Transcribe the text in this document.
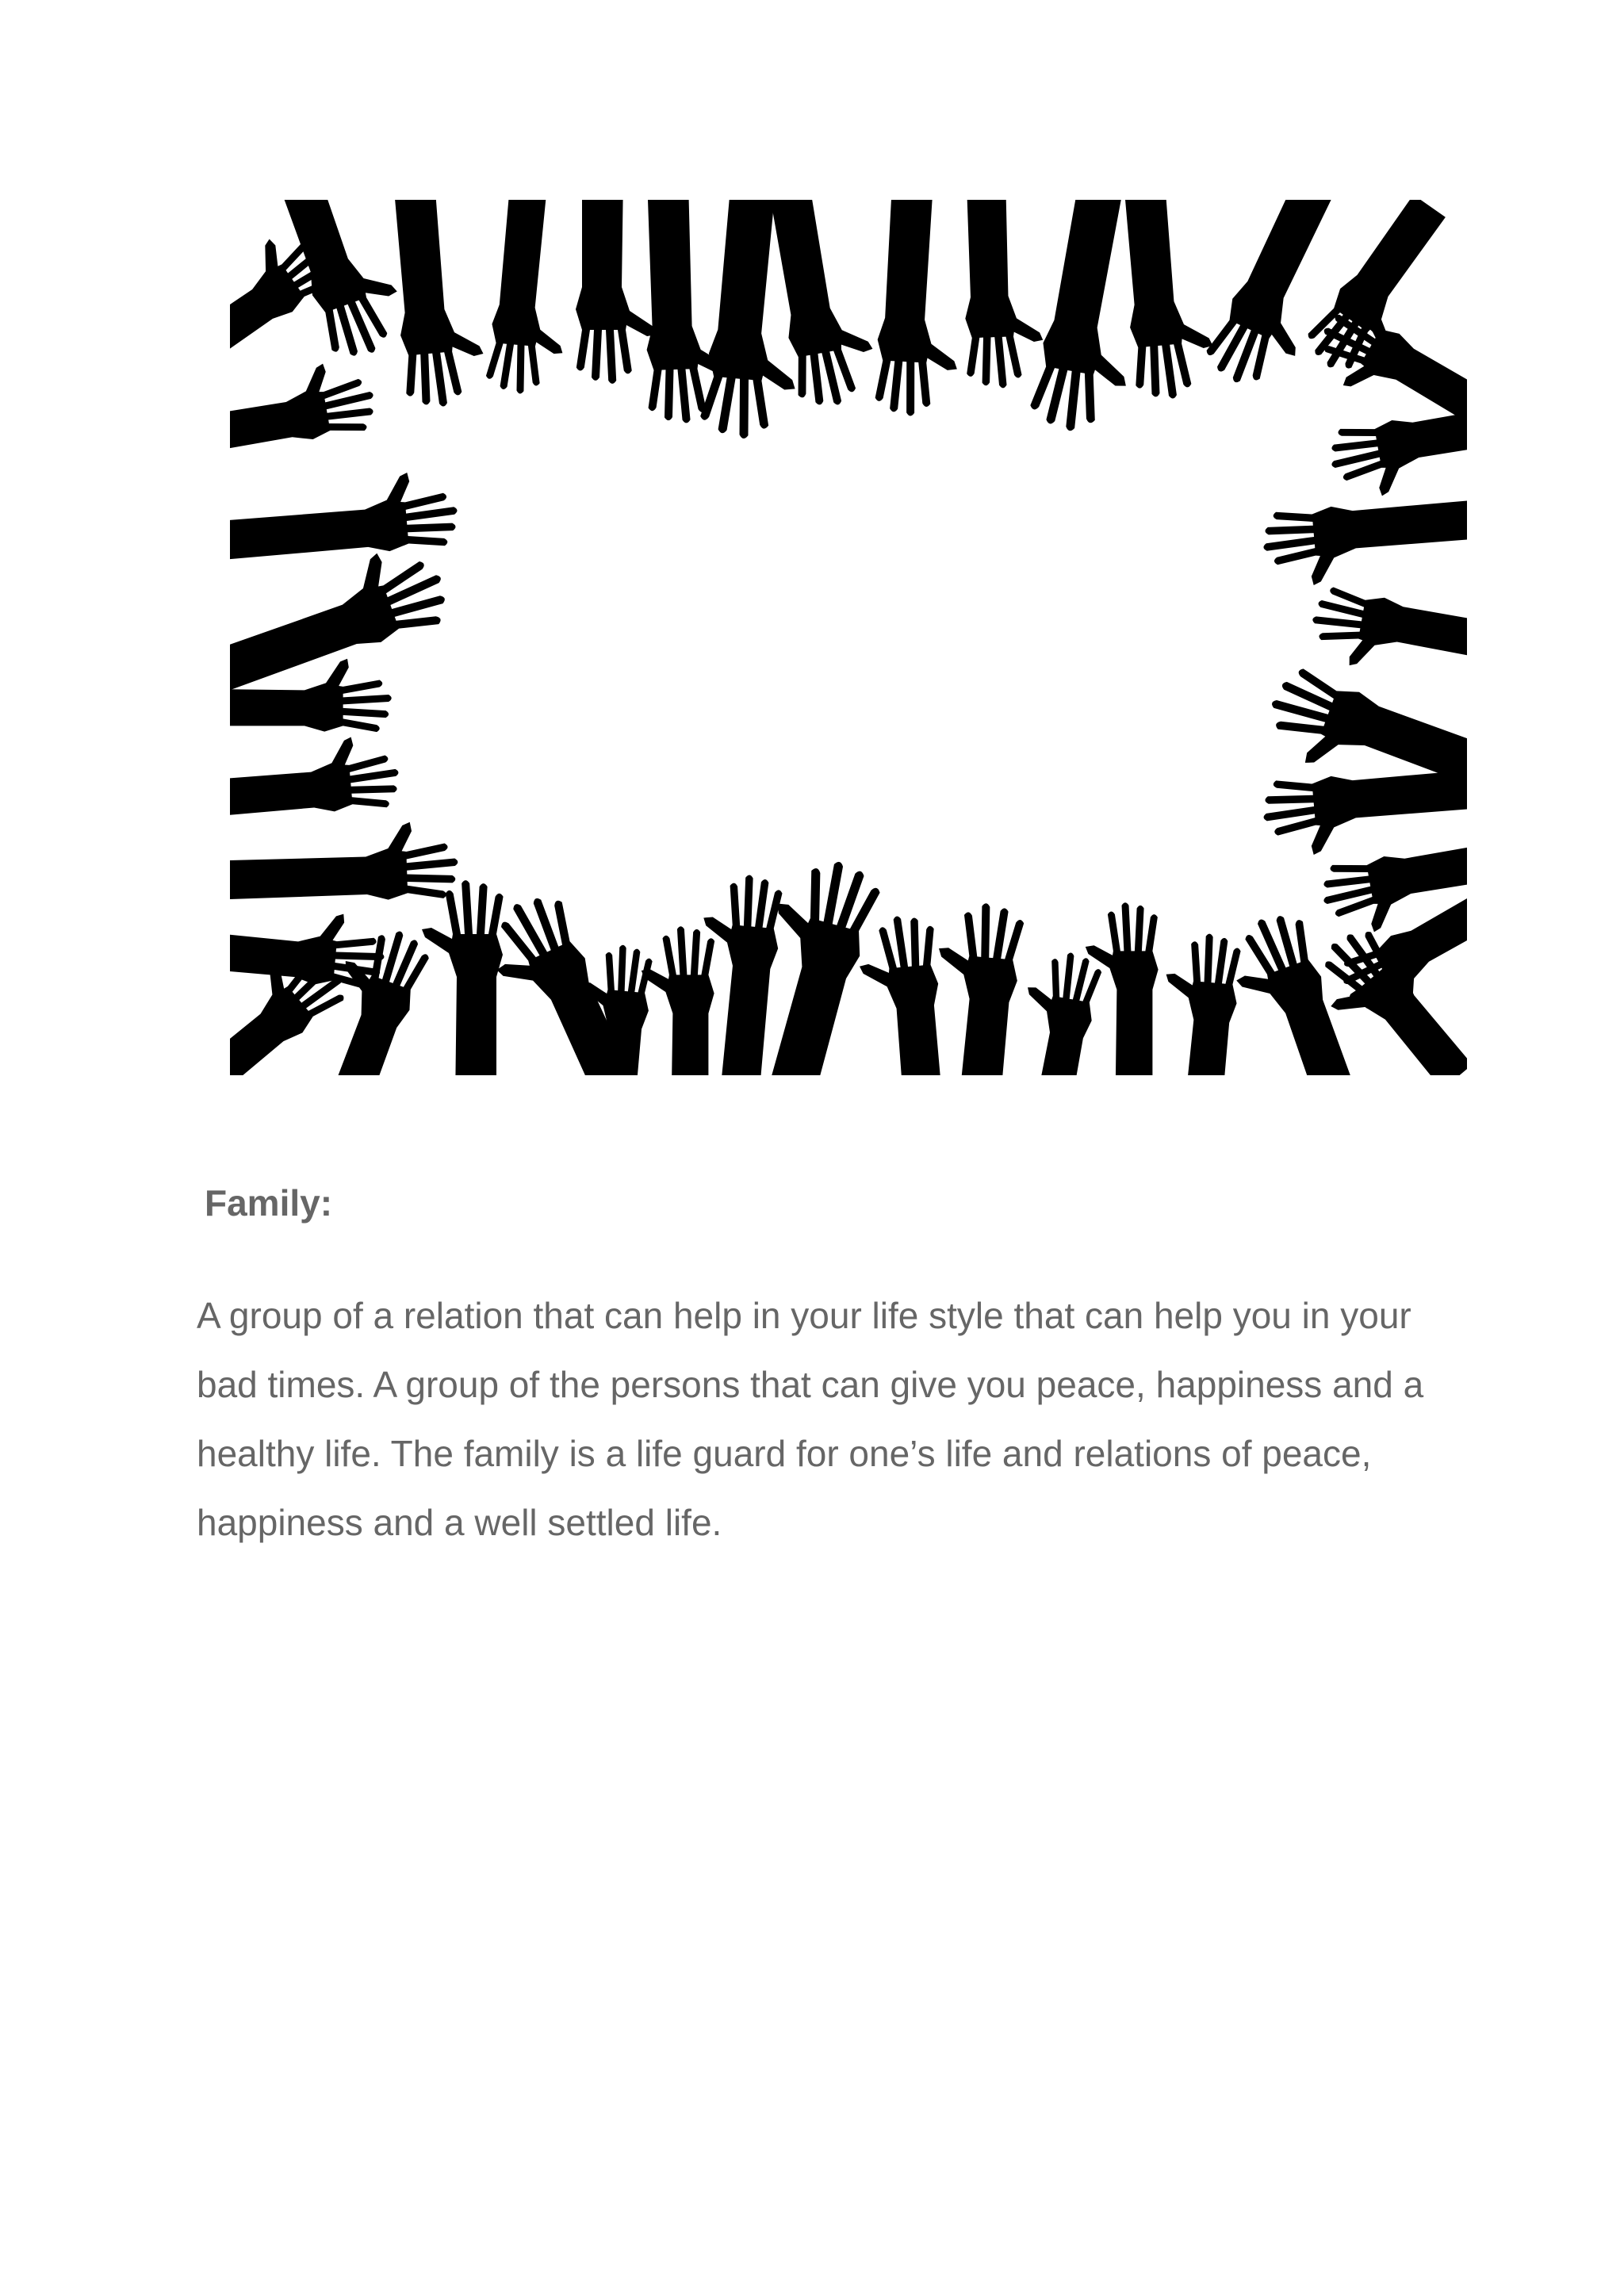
Family:

A group of a relation that can help in your life style that can help you in your bad times. A group of the persons that can give you peace, happiness and a healthy life. The family is a life guard for one’s life and relations of peace, happiness and a well settled life.
